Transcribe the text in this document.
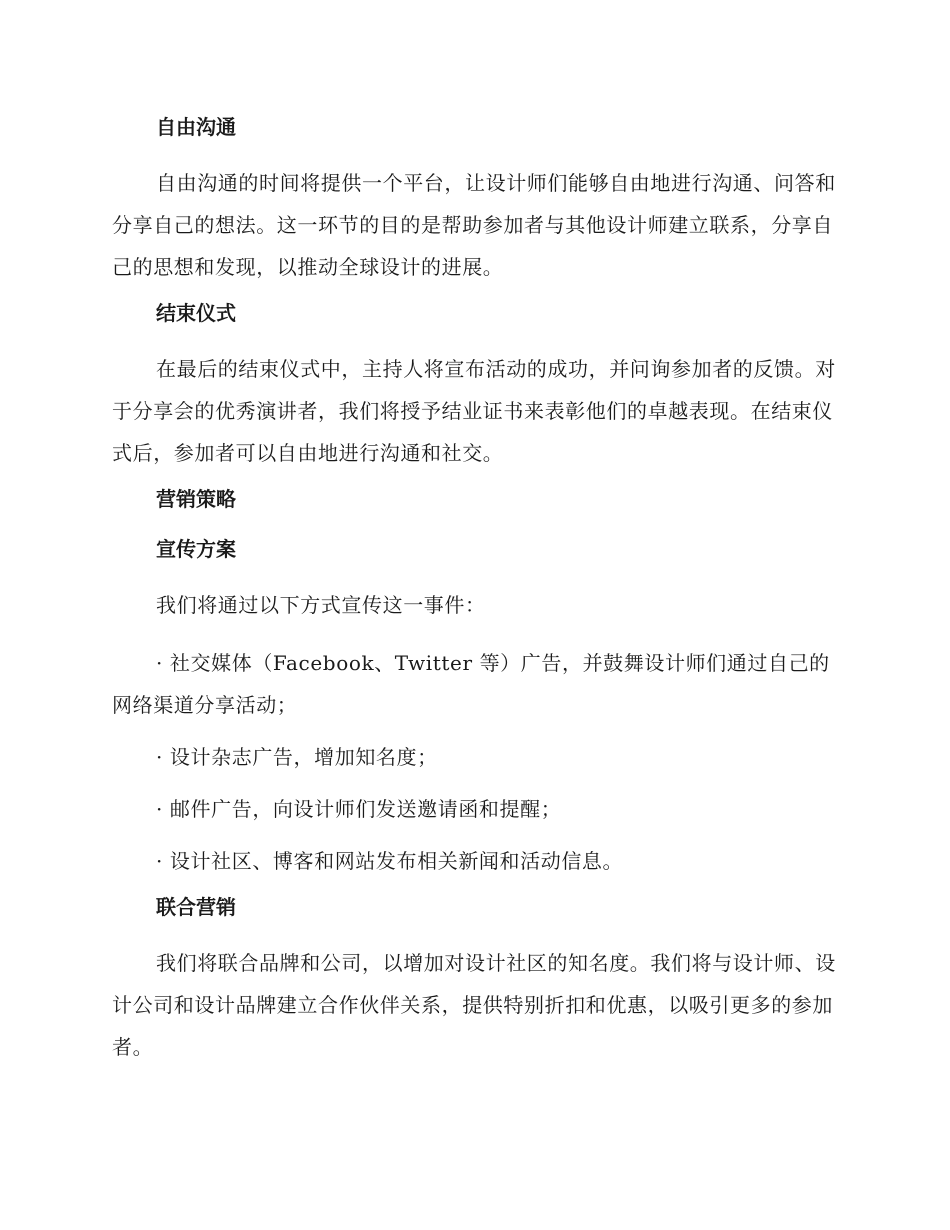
自由沟通

自由沟通的时间将提供一个平台，让设计师们能够自由地进行沟通、问答和分享自己的想法。这一环节的目的是帮助参加者与其他设计师建立联系，分享自己的思想和发现，以推动全球设计的进展。

结束仪式

在最后的结束仪式中，主持人将宣布活动的成功，并问询参加者的反馈。对于分享会的优秀演讲者，我们将授予结业证书来表彰他们的卓越表现。在结束仪式后，参加者可以自由地进行沟通和社交。

营销策略
宣传方案

我们将通过以下方式宣传这一事件：

· 社交媒体（Facebook、Twitter 等）广告，并鼓舞设计师们通过自己的网络渠道分享活动；

· 设计杂志广告，增加知名度；

· 邮件广告，向设计师们发送邀请函和提醒；

· 设计社区、博客和网站发布相关新闻和活动信息。

联合营销

我们将联合品牌和公司，以增加对设计社区的知名度。我们将与设计师、设计公司和设计品牌建立合作伙伴关系，提供特别折扣和优惠，以吸引更多的参加者。
